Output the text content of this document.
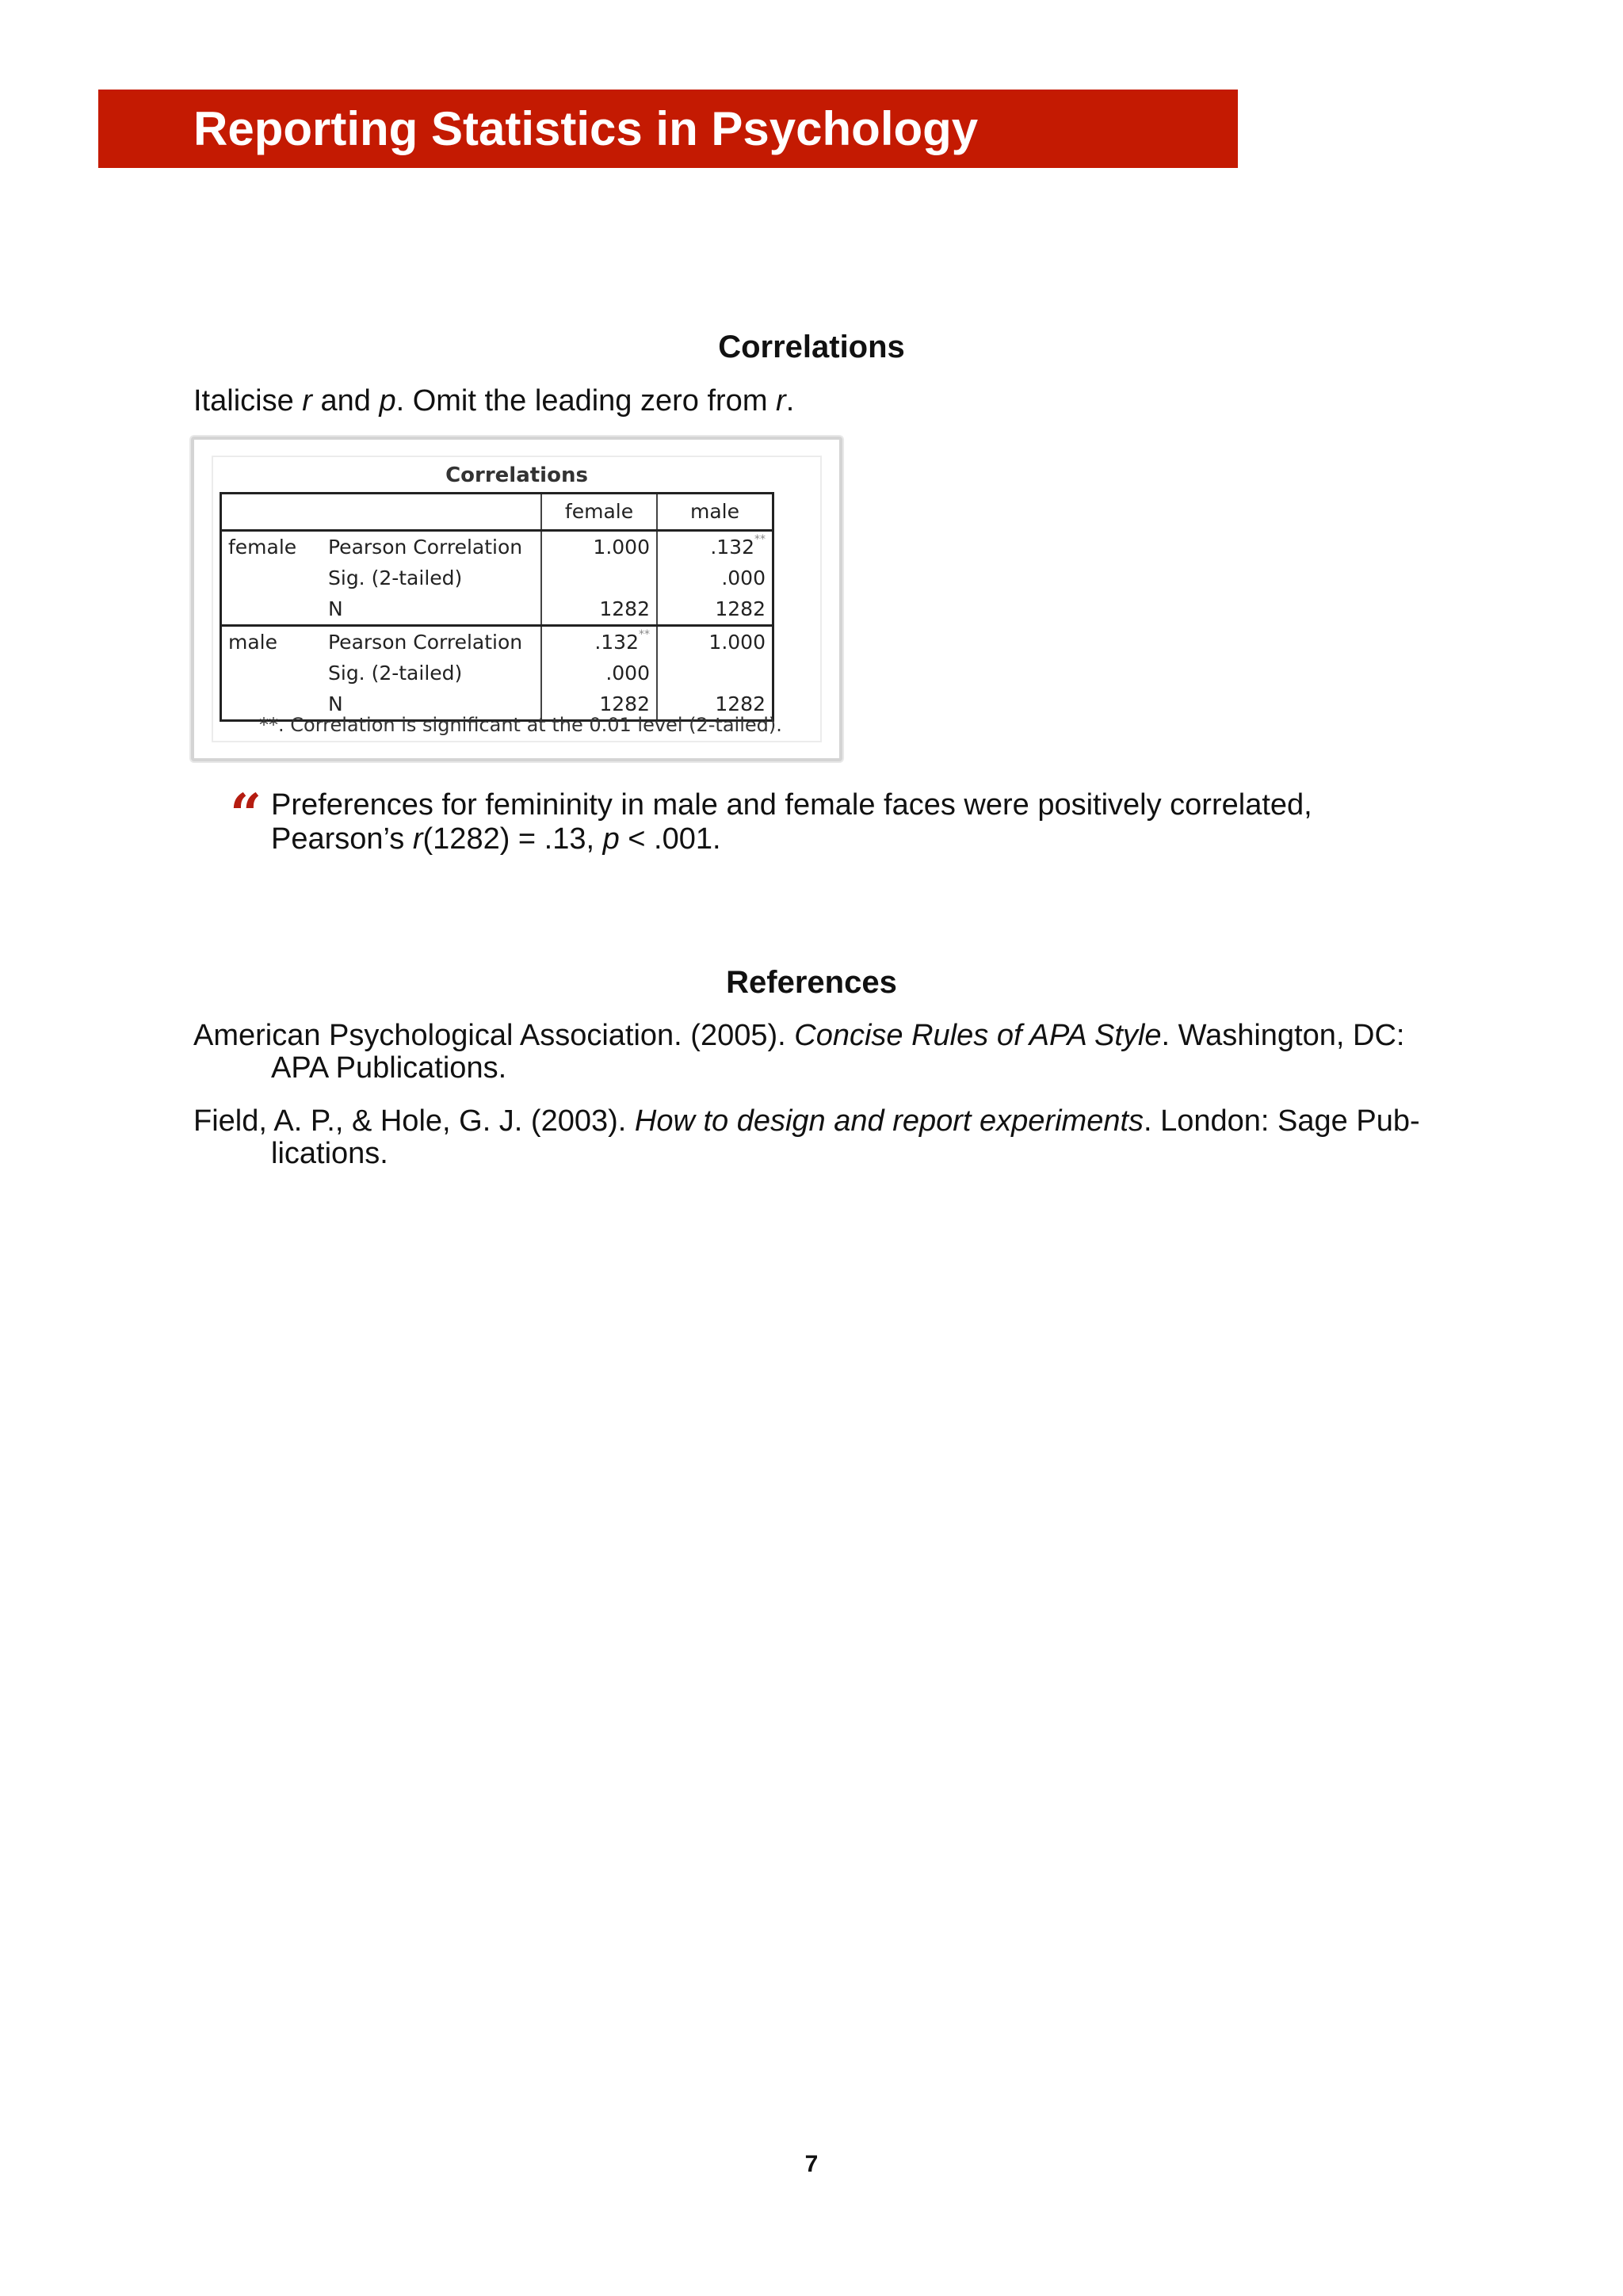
Reporting Statistics in Psychology
Correlations

Italicise r and p. Omit the leading zero from r.

Correlations
		female	male
female	Pearson Correlation	1.000	.132**
	Sig. (2-tailed)		.000
	N	1282	1282
male	Pearson Correlation	.132**	1.000
	Sig. (2-tailed)	.000	
	N	1282	1282
**. Correlation is significant at the 0.01 level (2-tailed).
“ Preferences for femininity in male and female faces were positively correlated,
Pearson’s r(1282) = .13, p < .001.
References
American Psychological Association. (2005). Concise Rules of APA Style. Washington, DC:
APA Publications.
Field, A. P., & Hole, G. J. (2003). How to design and report experiments. London: Sage Pub-
lications.
7
